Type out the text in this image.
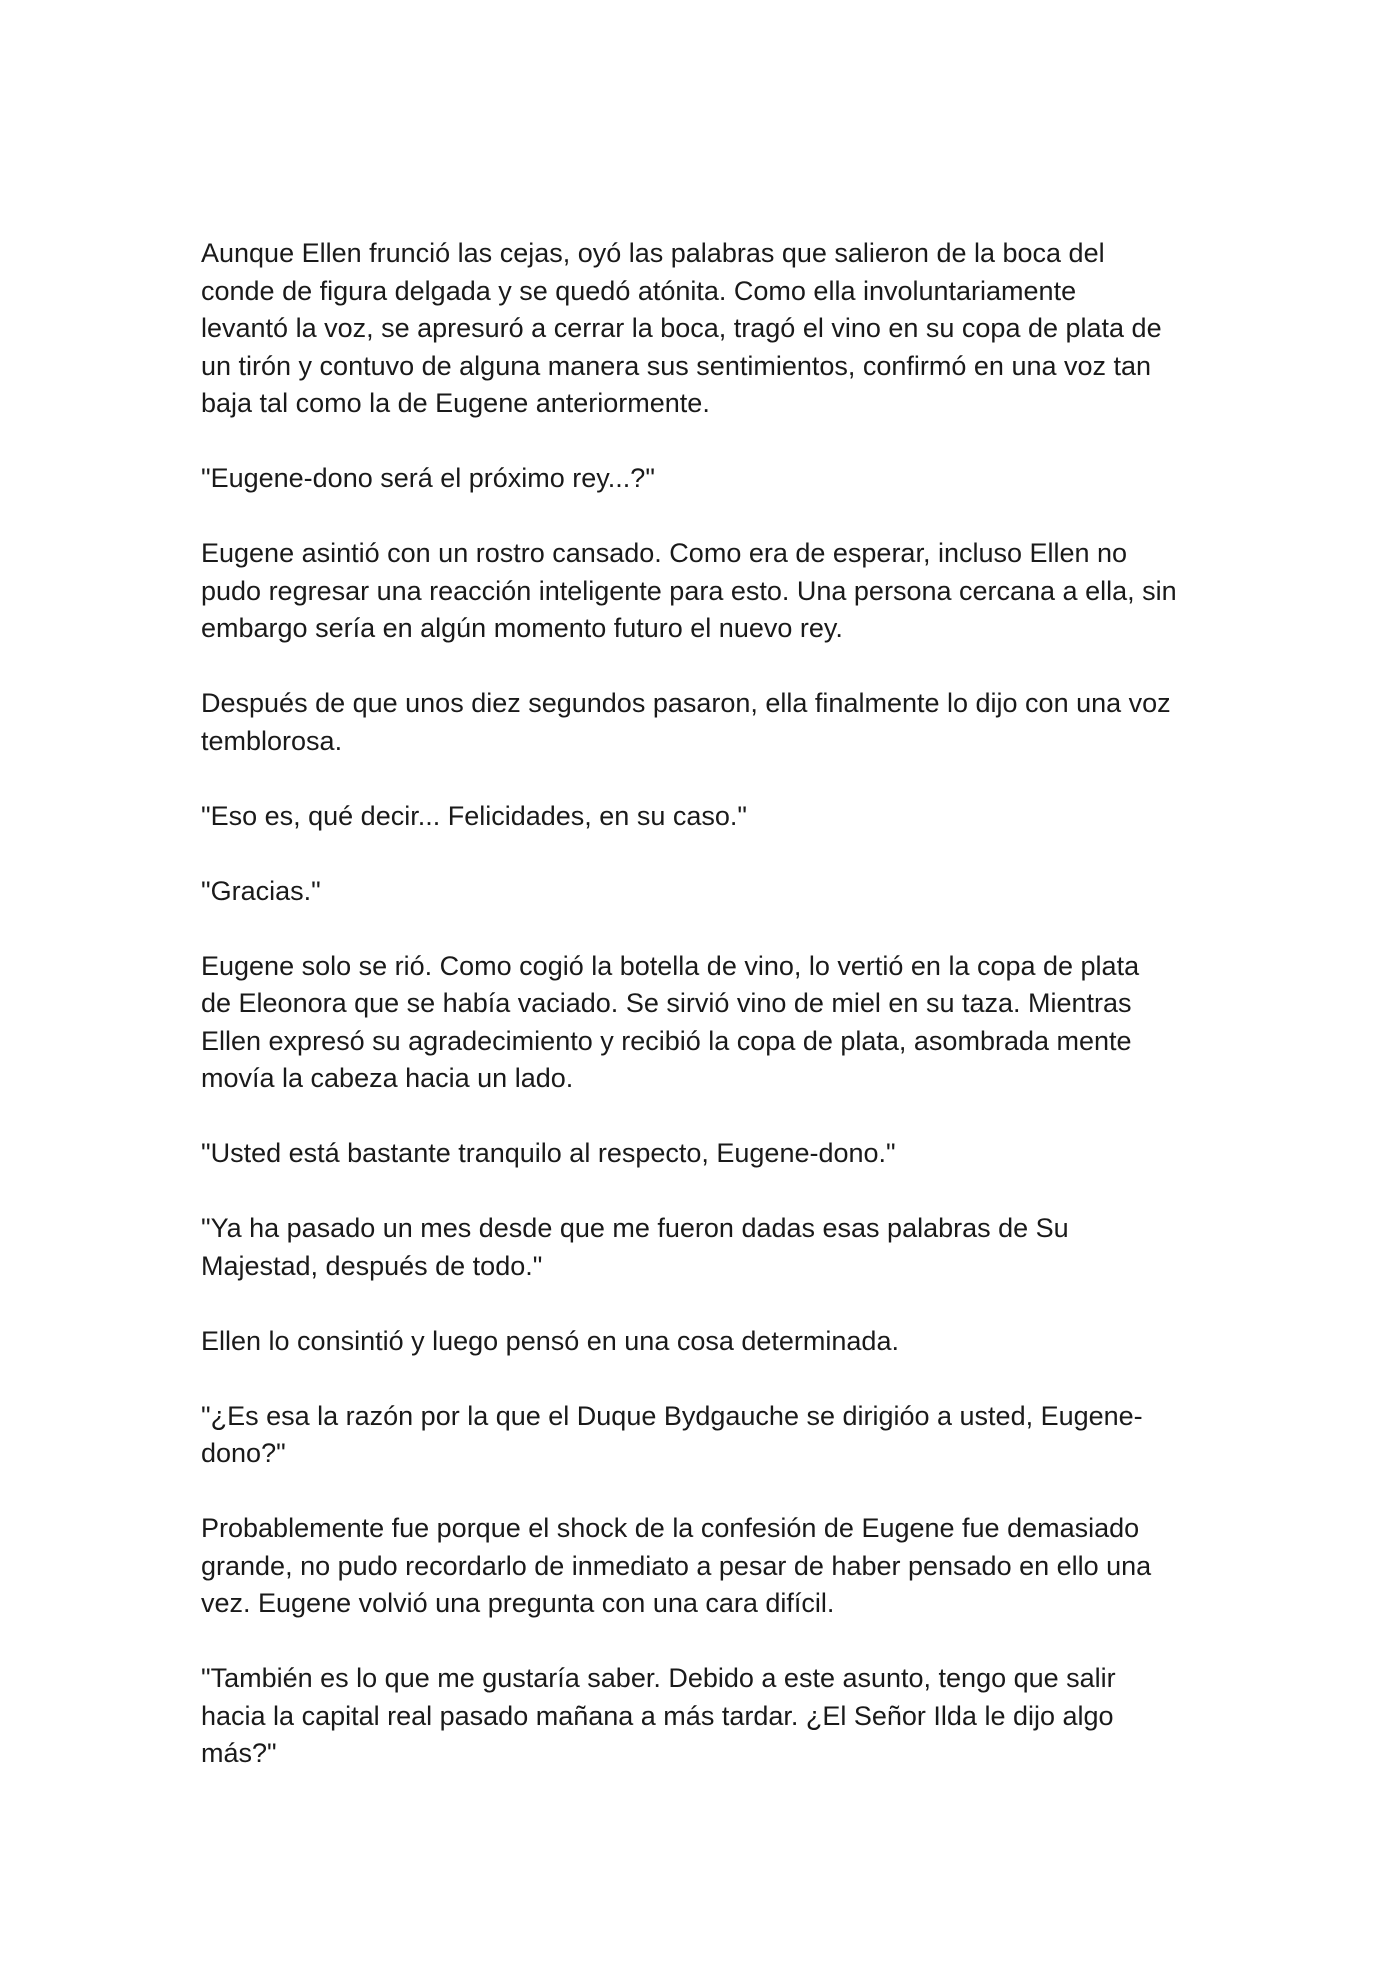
Aunque Ellen frunció las cejas, oyó las palabras que salieron de la boca del
conde de figura delgada y se quedó atónita. Como ella involuntariamente
levantó la voz, se apresuró a cerrar la boca, tragó el vino en su copa de plata de
un tirón y contuvo de alguna manera sus sentimientos, confirmó en una voz tan
baja tal como la de Eugene anteriormente.

"Eugene-dono será el próximo rey...?"

Eugene asintió con un rostro cansado. Como era de esperar, incluso Ellen no
pudo regresar una reacción inteligente para esto. Una persona cercana a ella, sin
embargo sería en algún momento futuro el nuevo rey.

Después de que unos diez segundos pasaron, ella finalmente lo dijo con una voz
temblorosa.

"Eso es, qué decir... Felicidades, en su caso."

"Gracias."

Eugene solo se rió. Como cogió la botella de vino, lo vertió en la copa de plata
de Eleonora que se había vaciado. Se sirvió vino de miel en su taza. Mientras
Ellen expresó su agradecimiento y recibió la copa de plata, asombrada mente
movía la cabeza hacia un lado.

"Usted está bastante tranquilo al respecto, Eugene-dono."

"Ya ha pasado un mes desde que me fueron dadas esas palabras de Su
Majestad, después de todo."

Ellen lo consintió y luego pensó en una cosa determinada.

"¿Es esa la razón por la que el Duque Bydgauche se dirigióo a usted, Eugene-
dono?"

Probablemente fue porque el shock de la confesión de Eugene fue demasiado
grande, no pudo recordarlo de inmediato a pesar de haber pensado en ello una
vez. Eugene volvió una pregunta con una cara difícil.

"También es lo que me gustaría saber. Debido a este asunto, tengo que salir
hacia la capital real pasado mañana a más tardar. ¿El Señor Ilda le dijo algo
más?"
